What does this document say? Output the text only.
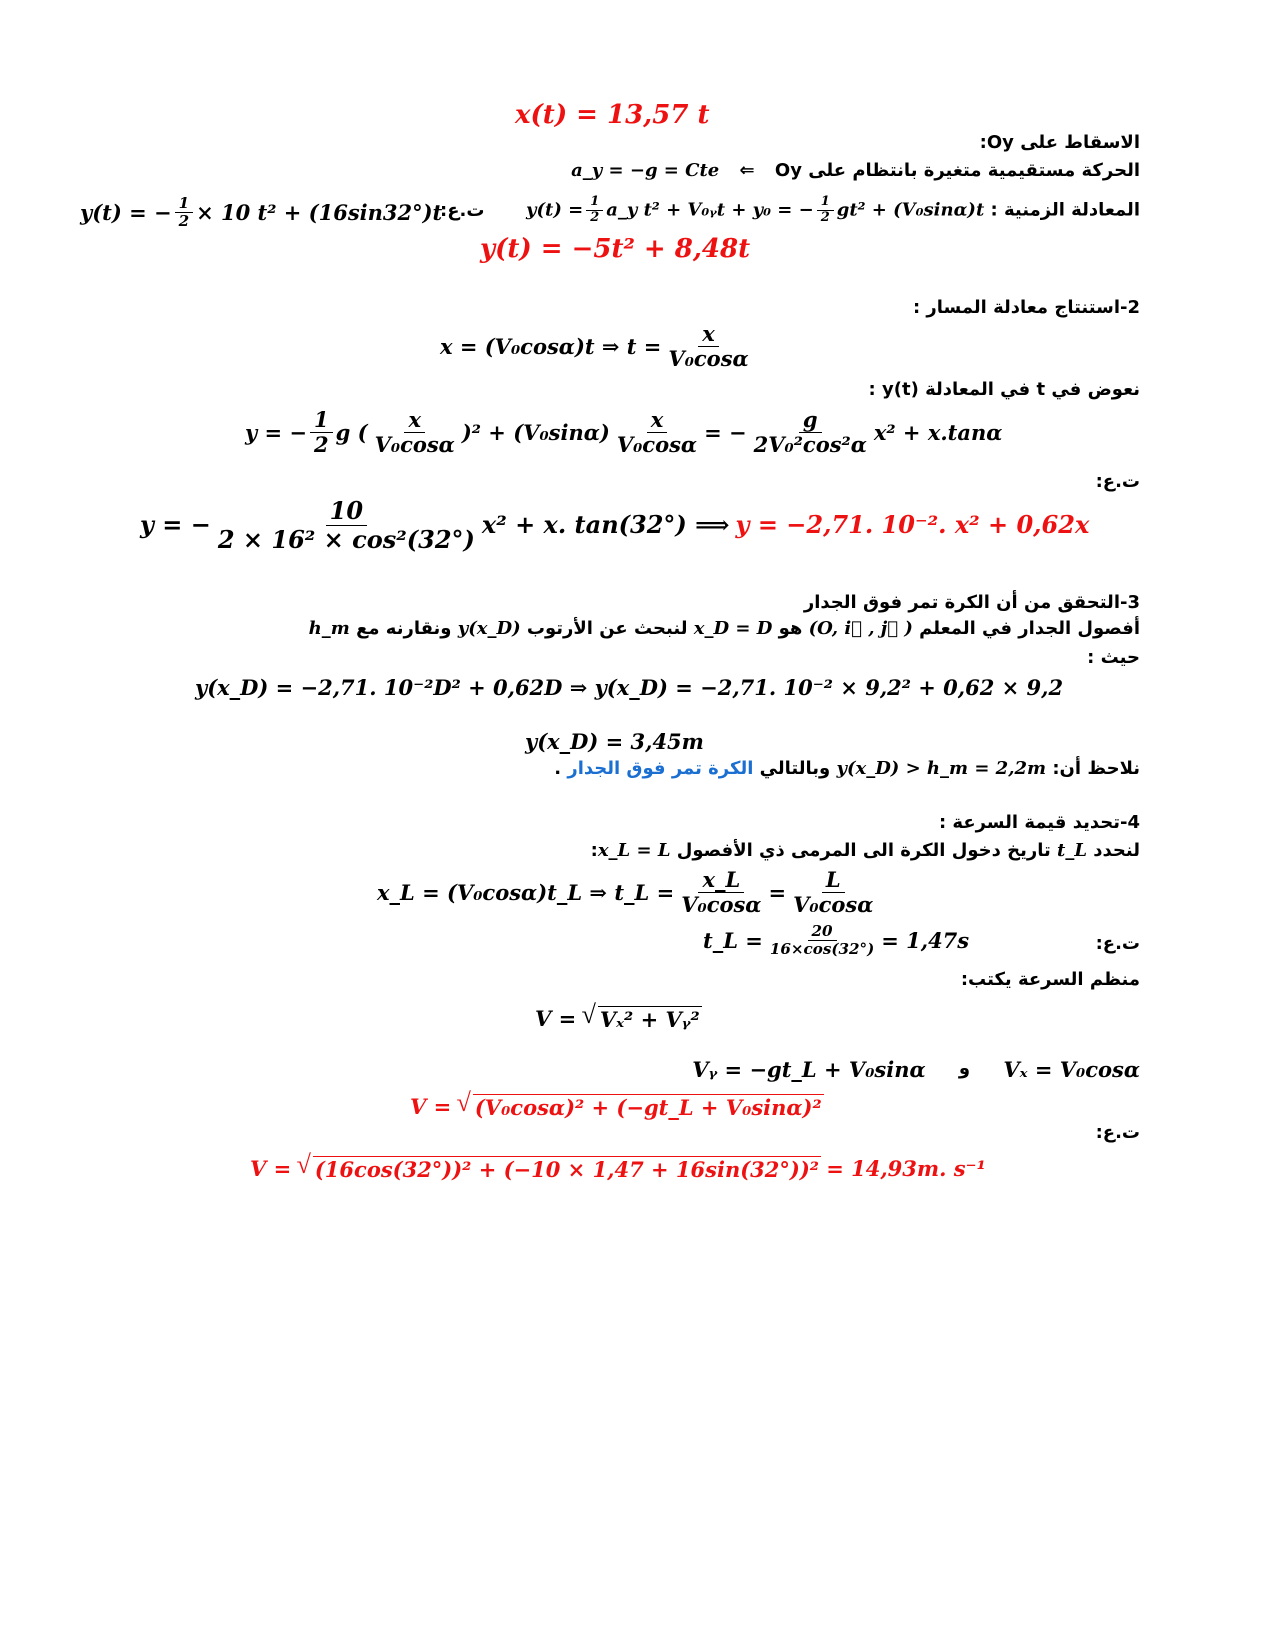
x(t) = 13,57 t
الاسقاط على Oy:
الحركة مستقيمية متغيرة بانتظام على Oy ⇐ a_y = −g = Cte
y(t) = − $\frac{1}{2} \times 10$ t² + (16sin32°)t
ت.ع:	المعادلة الزمنية : $y(t) = \frac{1}{2}$ a_y t² + V₀ᵧt + y₀ = − $\frac{1}{2} gt^2 + (V_0\sin\alpha)t$
y(t) = −5t² + 8,48t
2-استنتاج معادلة المسار :
x = (V₀cosα)t ⇒ $t = \frac{x}{\text{V₀cosα}}$
نعوض في t في المعادلة y(t) :
y = − $\frac{1}{2}$ g ( $\frac{x}{\text{V₀cosα}} )^2 + (V_0\sin\alpha) \frac{x}{\text{V₀cosα}}$ = − $\frac{g}{\text{2V₀²cos²α}} x^2 + x.\tan\alpha$
ت.ع:
y = − $\frac{10}{\text{2 × 16² × cos²(32°)}} x^2 + x$. tan(32°) ⟹ y = −2,71. 10⁻². x² + 0,62x
3-التحقق من أن الكرة تمر فوق الجدار
أفصول الجدار في المعلم (O, i⃗ , j⃗ ) هو x_D = D لنبحث عن الأرتوب y(x_D) ونقارنه مع h_m
حيث :
y(x_D) = −2,71. 10⁻²D² + 0,62D ⇒ y(x_D) = −2,71. 10⁻² × 9,2² + 0,62 × 9,2
y(x_D) = 3,45m
نلاحظ أن: y(x_D) > h_m = 2,2m وبالتالي الكرة تمر فوق الجدار .
4-تحديد قيمة السرعة :
لنحدد t_L تاريخ دخول الكرة الى المرمى ذي الأفصول x_L = L:
x_L = (V₀cosα)t_L ⇒ t_L = $\frac{x\_L}{\text{V₀cosα}} = \frac{L}{\text{V₀cosα}}$
t_L = $\frac{20}{16\times\cos(32^\circ)} = 1,47s$	ت.ع:
منظم السرعة يكتب:
V = √ Vₓ² + Vᵧ²
Vᵧ = −gt_L + V₀sinα و Vₓ = V₀cosα
V = √ (V₀cosα)² + (−gt_L + V₀sinα)²
ت.ع:
V = √ (16cos(32°))² + (−10 × 1,47 + 16sin(32°))² = 14,93m. s⁻¹
